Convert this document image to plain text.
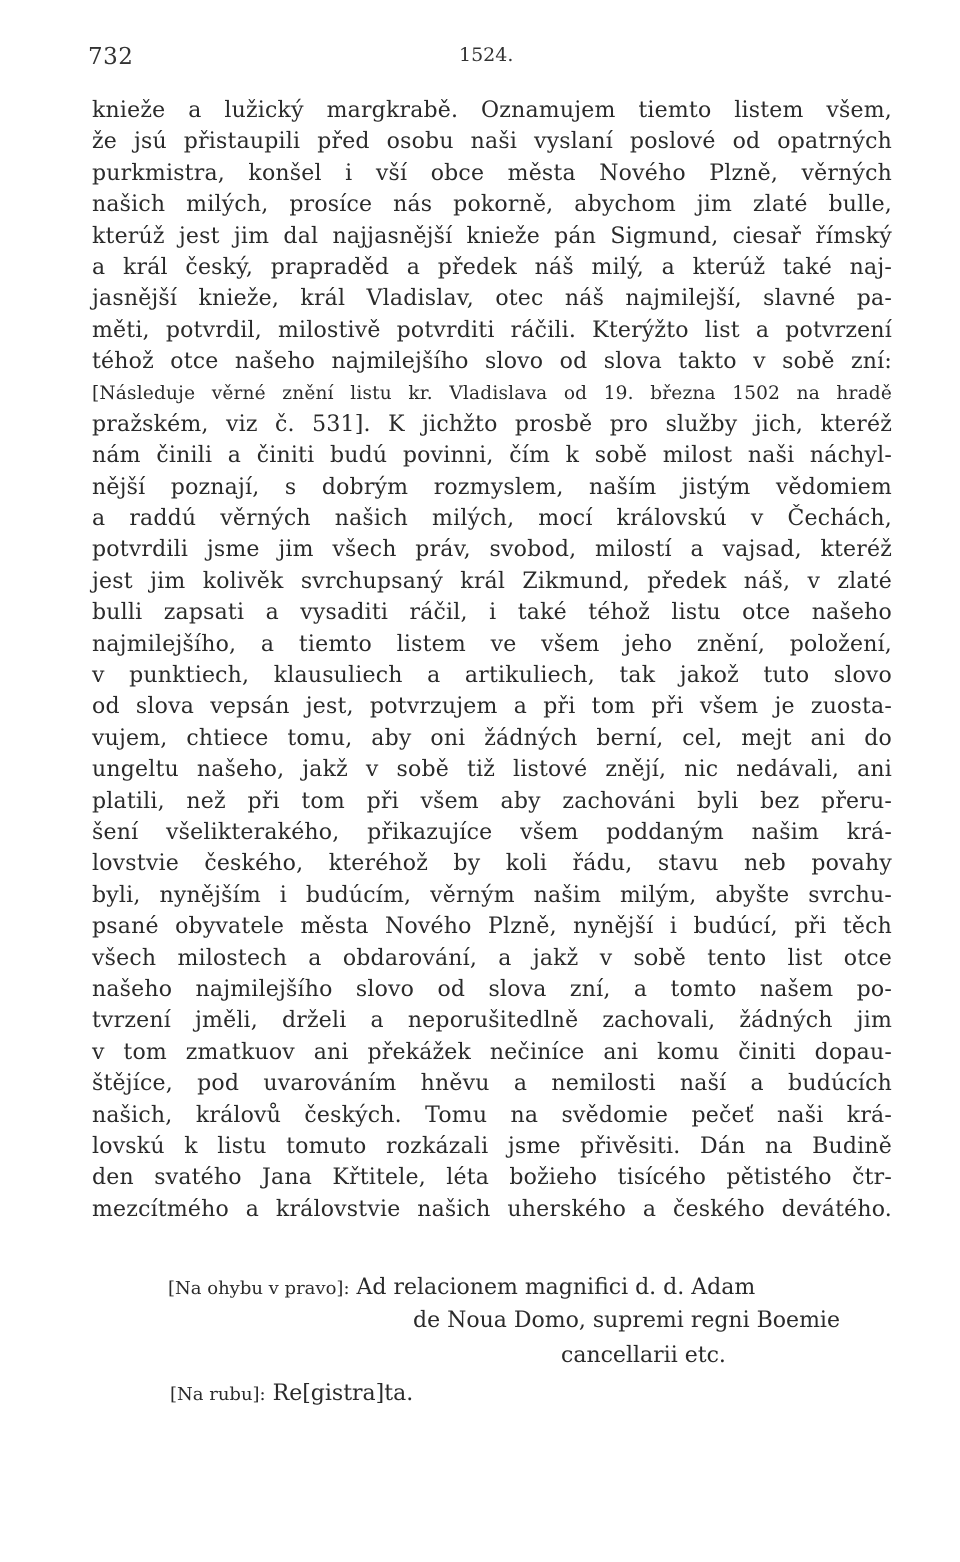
732	1524.
knieže a lužický margkrabě. Oznamujem tiemto listem všem,
že jsú přistaupili před osobu naši vyslaní poslové od opatrných
purkmistra, konšel i vší obce města Nového Plzně, věrných
našich milých, prosíce nás pokorně, abychom jim zlaté bulle,
kterúž jest jim dal najjasnější knieže pán Sigmund, ciesař římský
a král český, prapraděd a předek náš milý, a kterúž také naj-
jasnější knieže, král Vladislav, otec náš najmilejší, slavné pa-
měti, potvrdil, milostivě potvrditi ráčili. Kterýžto list a potvrzení
téhož otce našeho najmilejšího slovo od slova takto v sobě zní:
[Následuje věrné znění listu kr. Vladislava od 19. března 1502 na hradě
pražském, viz č. 531]. K jichžto prosbě pro služby jich, kteréž
nám činili a činiti budú povinni, čím k sobě milost naši náchyl-
nější poznají, s dobrým rozmyslem, naším jistým vědomiem
a raddú věrných našich milých, mocí královskú v Čechách,
potvrdili jsme jim všech práv, svobod, milostí a vajsad, kteréž
jest jim kolivěk svrchupsaný král Zikmund, předek náš, v zlaté
bulli zapsati a vysaditi ráčil, i také téhož listu otce našeho
najmilejšího, a tiemto listem ve všem jeho znění, položení,
v punktiech, klausuliech a artikuliech, tak jakož tuto slovo
od slova vepsán jest, potvrzujem a při tom při všem je zuosta-
vujem, chtiece tomu, aby oni žádných berní, cel, mejt ani do
ungeltu našeho, jakž v sobě tiž listové znějí, nic nedávali, ani
platili, než při tom při všem aby zachováni byli bez přeru-
šení všelikterakého, přikazujíce všem poddaným našim krá-
lovstvie českého, kteréhož by koli řádu, stavu neb povahy
byli, nynějším i budúcím, věrným našim milým, abyšte svrchu-
psané obyvatele města Nového Plzně, nynější i budúcí, při těch
všech milostech a obdarování, a jakž v sobě tento list otce
našeho najmilejšího slovo od slova zní, a tomto našem po-
tvrzení jměli, drželi a neporušitedlně zachovali, žádných jim
v tom zmatkuov ani překážek nečiníce ani komu činiti dopau-
štějíce, pod uvarováním hněvu a nemilosti naší a budúcích
našich, královů českých. Tomu na svědomie pečeť naši krá-
lovskú k listu tomuto rozkázali jsme přivěsiti. Dán na Budině
den svatého Jana Křtitele, léta božieho tisícého pětistého čtr-
mezcítmého a královstvie našich uherského a českého devátého.
[Na ohybu v pravo]: Ad relacionem magnifici d. d. Adam
de Noua Domo, supremi regni Boemie
cancellarii etc.
[Na rubu]: Re[gistra]ta.
